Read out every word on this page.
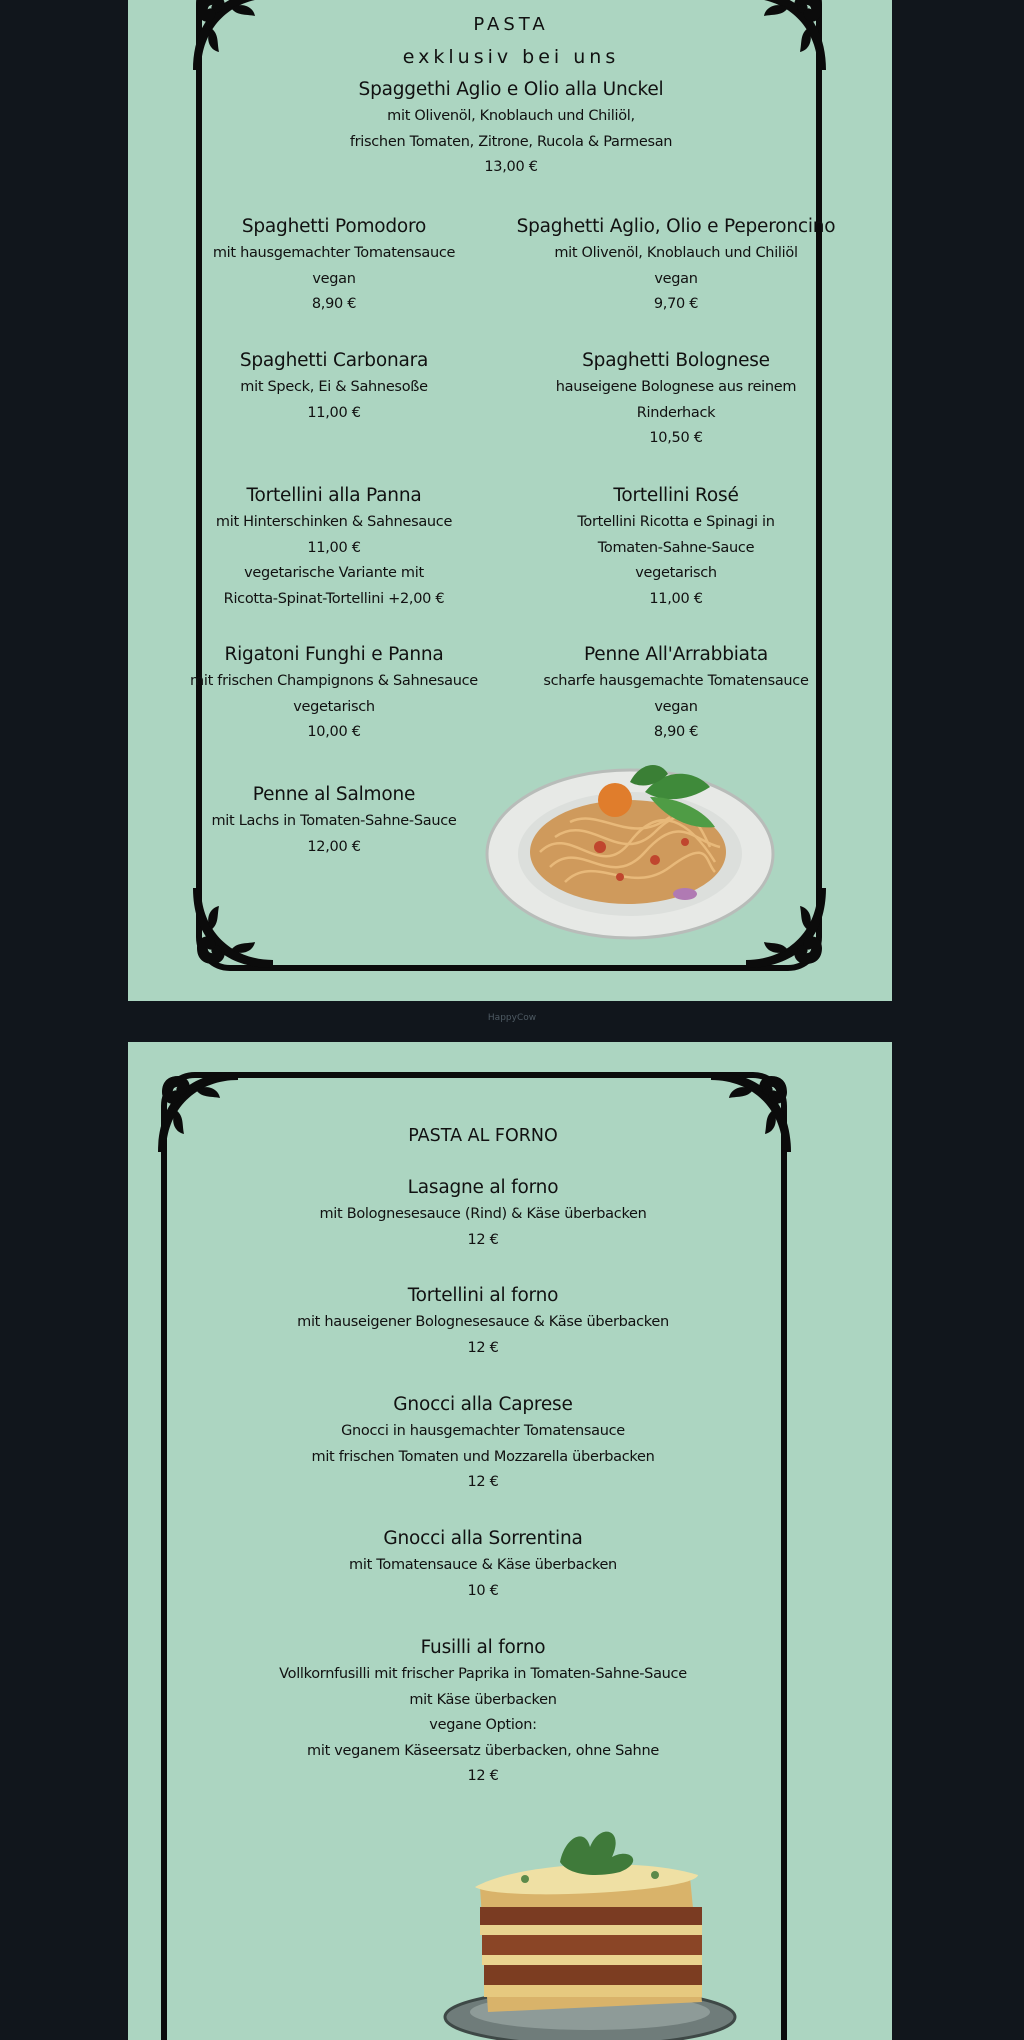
PASTA
exklusiv bei uns
Spaggethi Aglio e Olio alla Unckel
mit Olivenöl, Knoblauch und Chiliöl,
frischen Tomaten, Zitrone, Rucola & Parmesan
13,00 €
Spaghetti Pomodoro
mit hausgemachter Tomatensauce
vegan
8,90 €
Spaghetti Carbonara
mit Speck, Ei & Sahnesoße
11,00 €
Tortellini alla Panna
mit Hinterschinken & Sahnesauce
11,00 €
vegetarische Variante mit
Ricotta-Spinat-Tortellini +2,00 €
Rigatoni Funghi e Panna
mit frischen Champignons & Sahnesauce
vegetarisch
10,00 €
Penne al Salmone
mit Lachs in Tomaten-Sahne-Sauce
12,00 €
Spaghetti Aglio, Olio e Peperoncino
mit Olivenöl, Knoblauch und Chiliöl
vegan
9,70 €
Spaghetti Bolognese
hauseigene Bolognese aus reinem
Rinderhack
10,50 €
Tortellini Rosé
Tortellini Ricotta e Spinagi in
Tomaten-Sahne-Sauce
vegetarisch
11,00 €
Penne All'Arrabbiata
scharfe hausgemachte Tomatensauce
vegan
8,90 €
HappyCow
PASTA AL FORNO
Lasagne al forno
mit Bolognesesauce (Rind) & Käse überbacken
12 €
Tortellini al forno
mit hauseigener Bolognesesauce & Käse überbacken
12 €
Gnocci alla Caprese
Gnocci in hausgemachter Tomatensauce
mit frischen Tomaten und Mozzarella überbacken
12 €
Gnocci alla Sorrentina
mit Tomatensauce & Käse überbacken
10 €
Fusilli al forno
Vollkornfusilli mit frischer Paprika in Tomaten-Sahne-Sauce
mit Käse überbacken
vegane Option:
mit veganem Käseersatz überbacken, ohne Sahne
12 €
